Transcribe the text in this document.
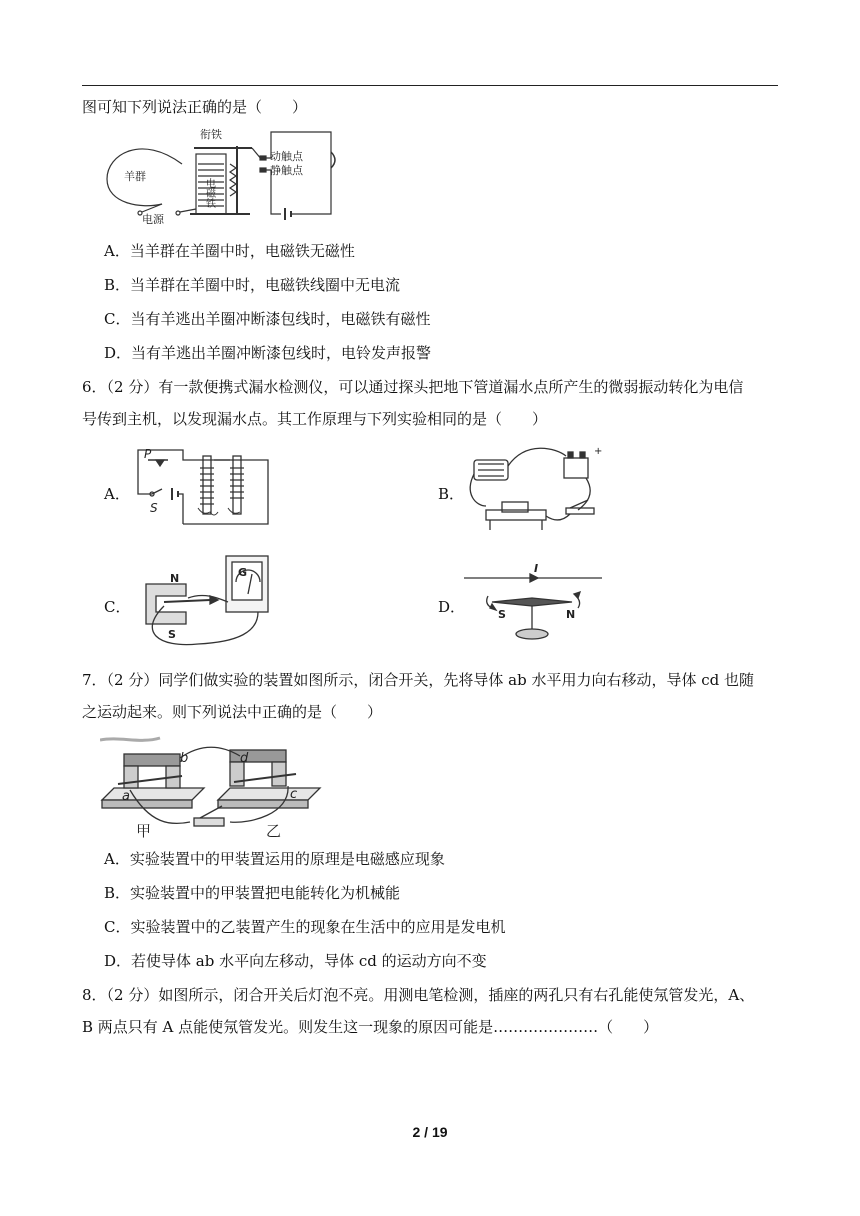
图可知下列说法正确的是（　　）
衔铁
动触点
静触点
羊群
电磁铁
电源
A．当羊群在羊圈中时，电磁铁无磁性
B．当羊群在羊圈中时，电磁铁线圈中无电流
C．当有羊逃出羊圈冲断漆包线时，电磁铁有磁性
D．当有羊逃出羊圈冲断漆包线时，电铃发声报警
6．（2 分）有一款便携式漏水检测仪，可以通过探头把地下管道漏水点所产生的微弱振动转化为电信
号传到主机，以发现漏水点。其工作原理与下列实验相同的是（　　）
A．
P
S
B．
+
C．
N
S
G
D．
I
S	N
7．（2 分）同学们做实验的装置如图所示，闭合开关，先将导体 ab 水平用力向右移动，导体 cd 也随
之运动起来。则下列说法中正确的是（　　）
b
a
d
c
甲	乙
A．实验装置中的甲装置运用的原理是电磁感应现象
B．实验装置中的甲装置把电能转化为机械能
C．实验装置中的乙装置产生的现象在生活中的应用是发电机
D．若使导体 ab 水平向左移动，导体 cd 的运动方向不变
8．（2 分）如图所示，闭合开关后灯泡不亮。用测电笔检测，插座的两孔只有右孔能使氖管发光，A、
B 两点只有 A 点能使氖管发光。则发生这一现象的原因可能是…………………（　　）
2 / 19
